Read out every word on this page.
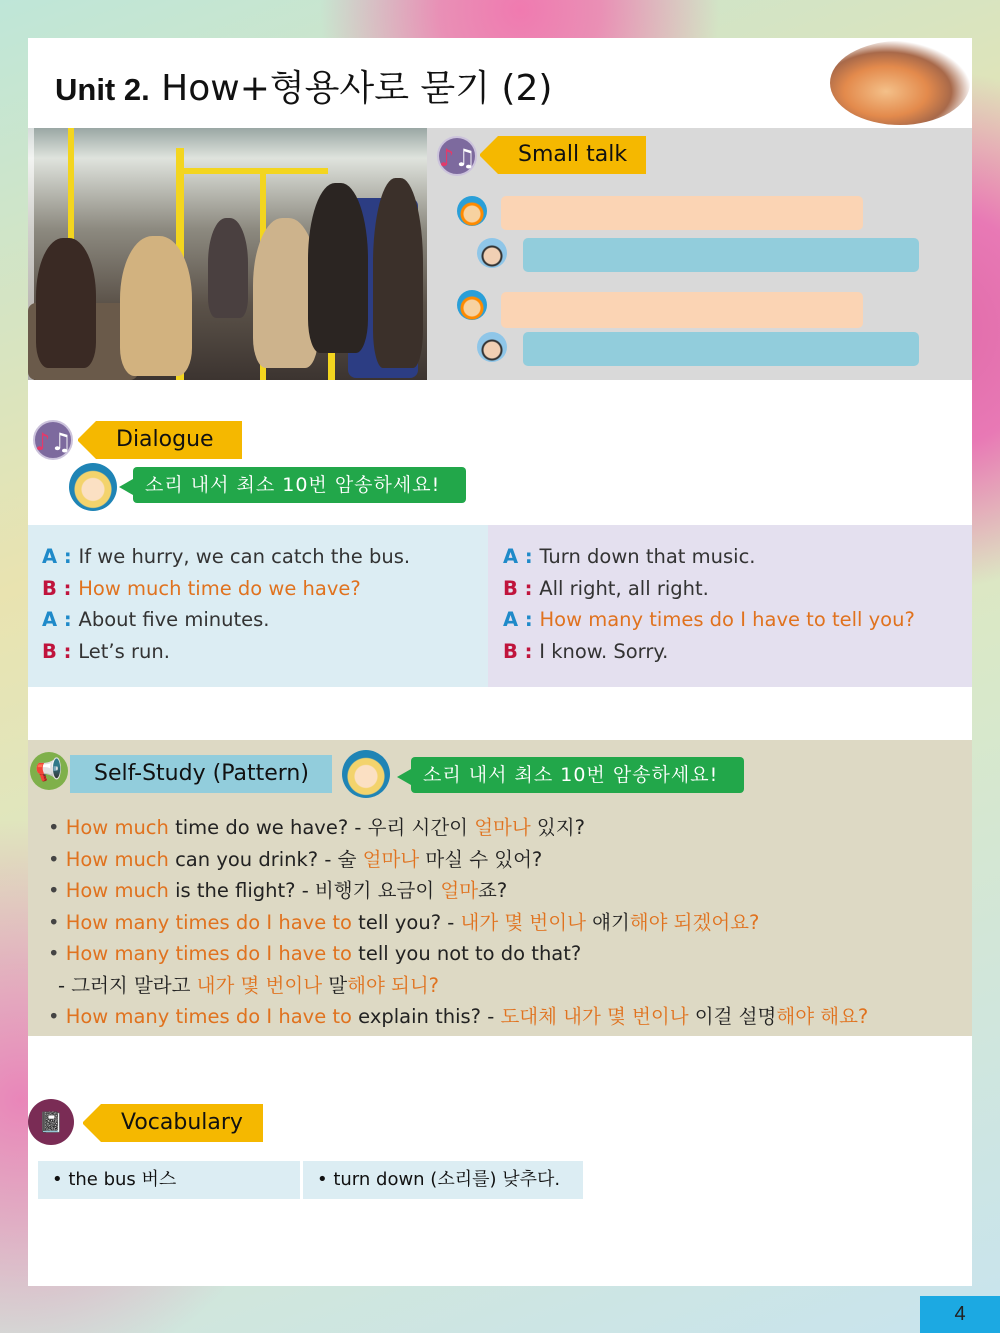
Unit 2. How+형용사로 묻기 (2)
♪♫	Small talk
♪♫	Dialogue
소리 내서 최소 10번 암송하세요!
A : If we hurry, we can catch the bus.
B : How much time do we have?
A : About five minutes.
B : Let’s run.
A : Turn down that music.
B : All right, all right.
A : How many times do I have to tell you?
B : I know. Sorry.
📢	Self-Study (Pattern)	소리 내서 최소 10번 암송하세요!
• How much time do we have? - 우리 시간이 얼마나 있지?
• How much can you drink? - 술 얼마나 마실 수 있어?
• How much is the flight? - 비행기 요금이 얼마죠?
• How many times do I have to tell you? - 내가 몇 번이나 얘기해야 되겠어요?
• How many times do I have to tell you not to do that?
- 그러지 말라고 내가 몇 번이나 말해야 되니?
• How many times do I have to explain this? - 도대체 내가 몇 번이나 이걸 설명해야 해요?
📓	Vocabulary
• the bus 버스	• turn down (소리를) 낮추다.
4
